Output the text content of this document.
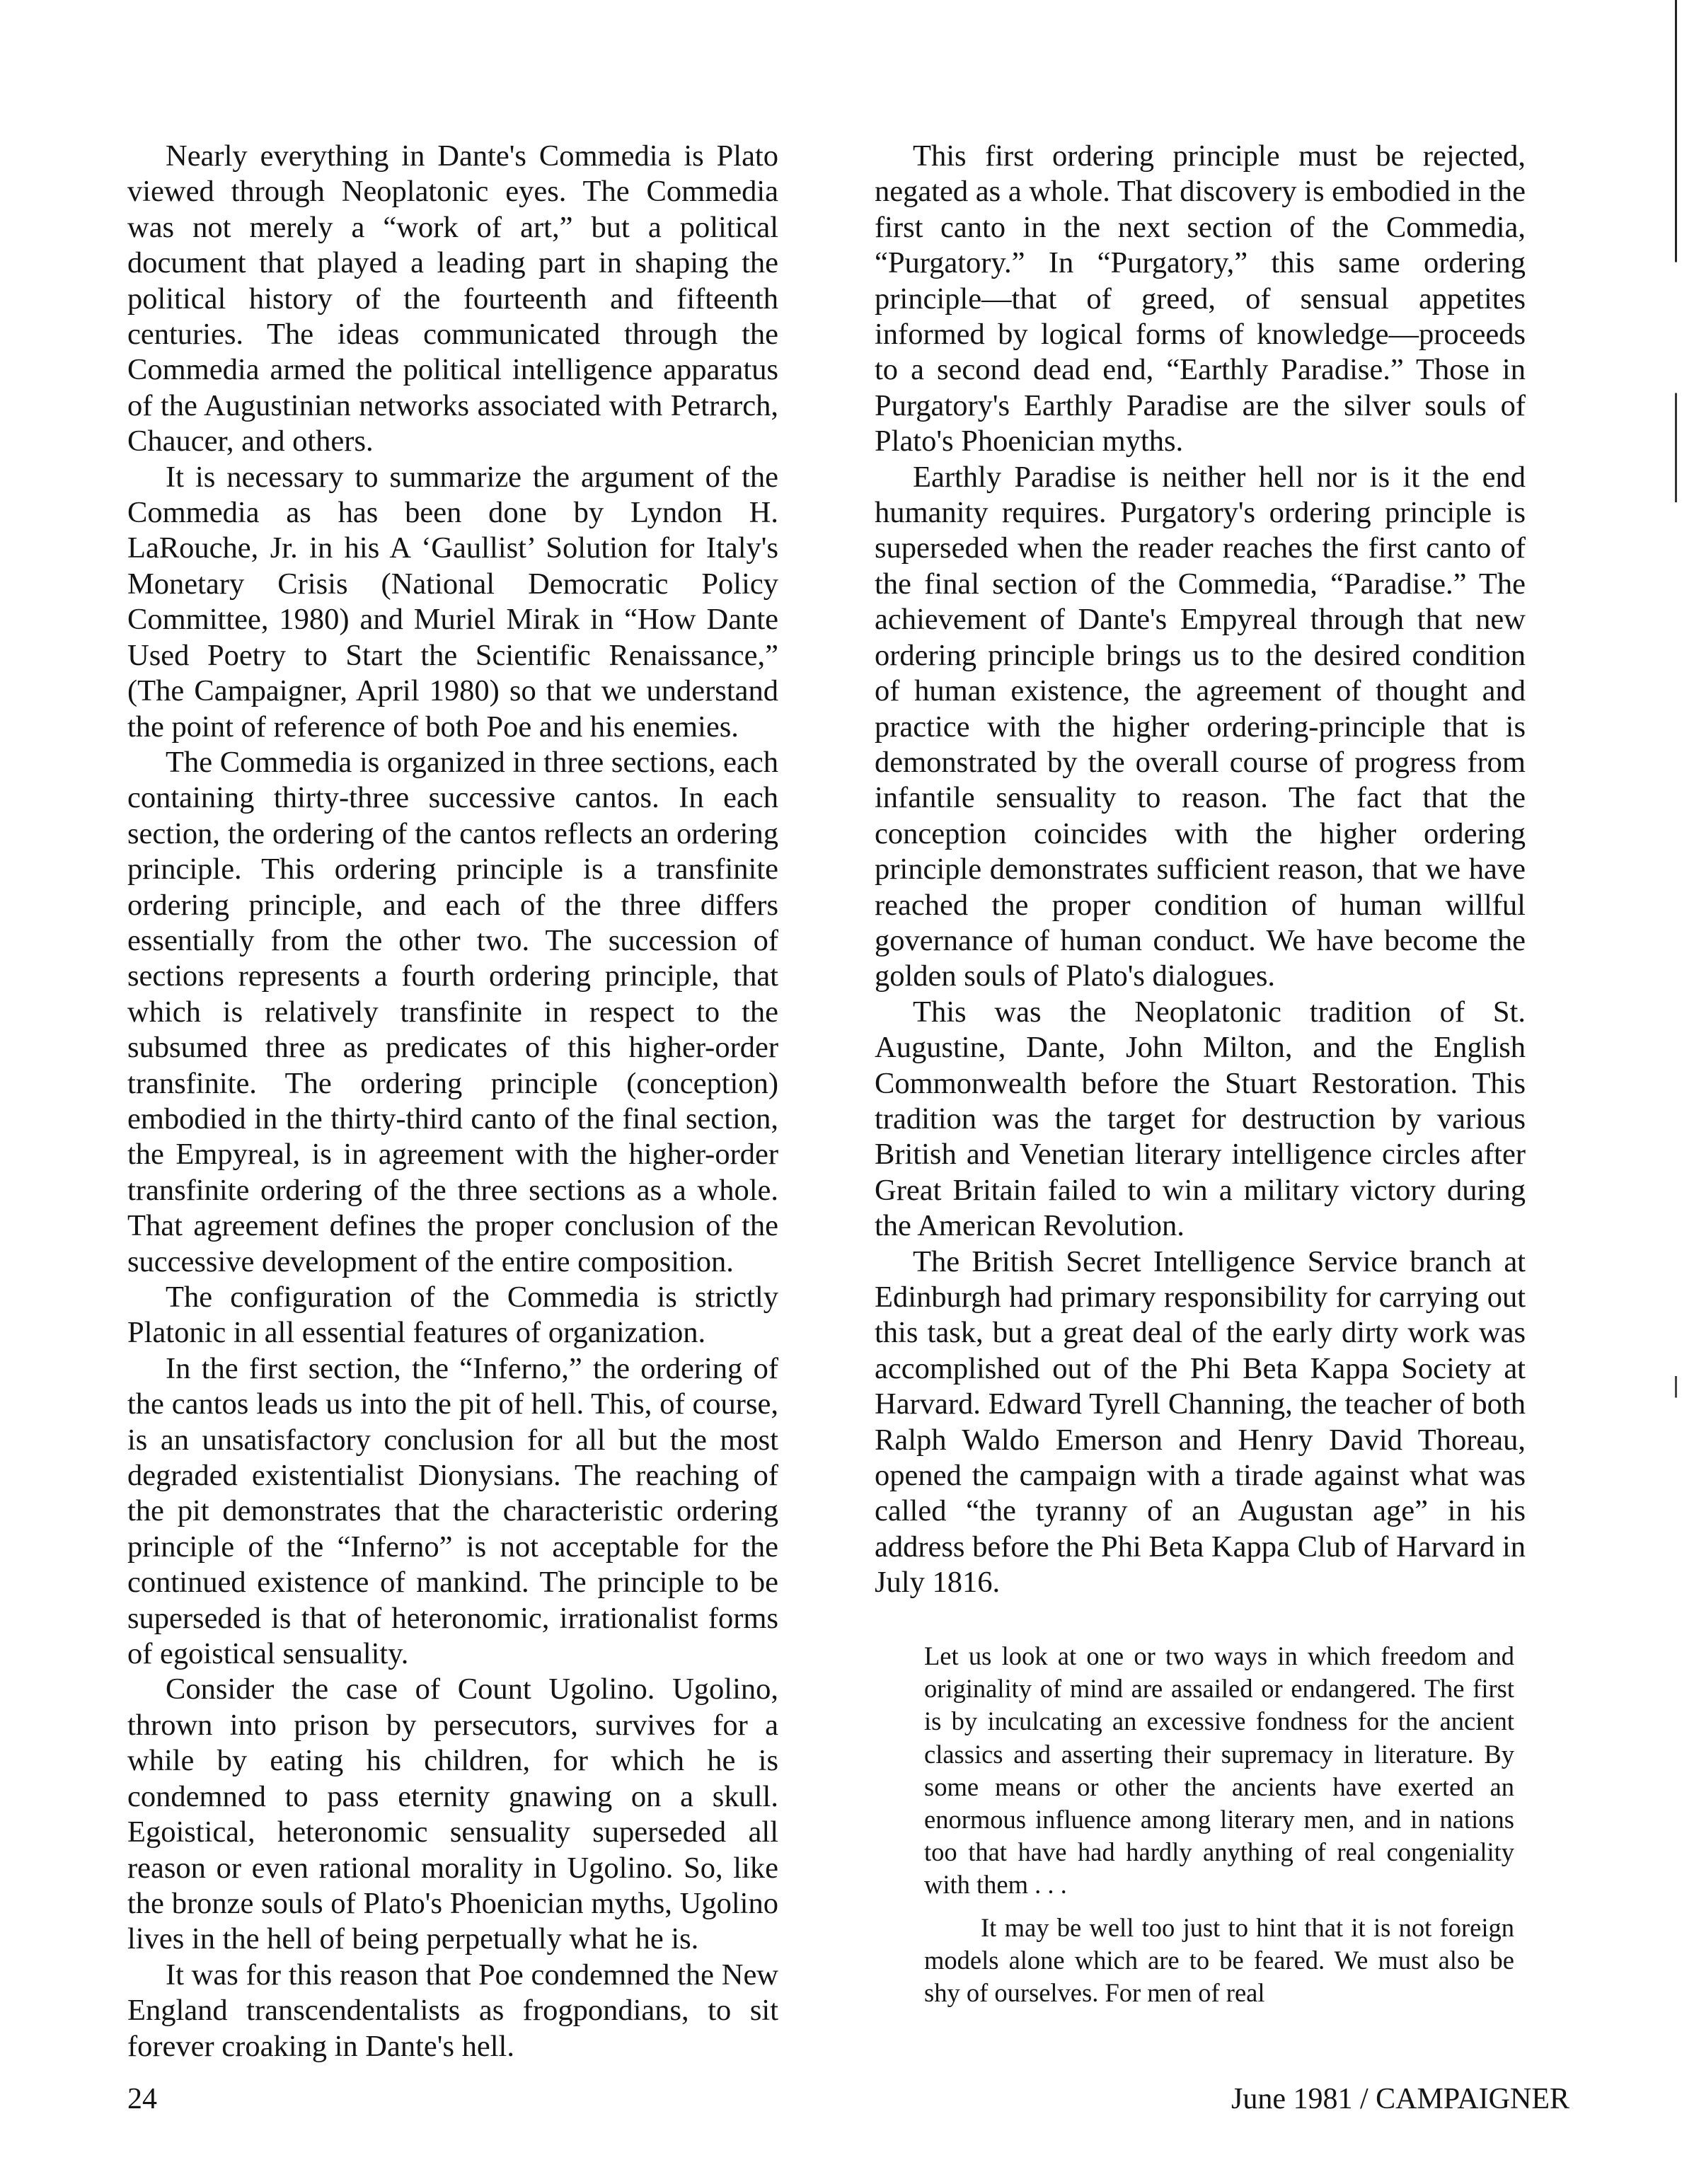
Nearly everything in Dante's Commedia is Plato viewed through Neoplatonic eyes. The Commedia was not merely a “work of art,” but a political document that played a leading part in shaping the political history of the fourteenth and fifteenth centuries. The ideas communicated through the Commedia armed the political intelligence apparatus of the Augustinian networks associated with Petrarch, Chaucer, and others.

It is necessary to summarize the argument of the Commedia as has been done by Lyndon H. LaRouche, Jr. in his A ‘Gaullist’ Solution for Italy's Monetary Crisis (National Democratic Policy Committee, 1980) and Muriel Mirak in “How Dante Used Poetry to Start the Scientific Renaissance,” (The Campaigner, April 1980) so that we understand the point of reference of both Poe and his enemies.

The Commedia is organized in three sections, each containing thirty-three successive cantos. In each section, the ordering of the cantos reflects an ordering principle. This ordering principle is a transfinite ordering principle, and each of the three differs essentially from the other two. The succession of sections represents a fourth ordering principle, that which is relatively transfinite in respect to the subsumed three as predicates of this higher-order transfinite. The ordering principle (conception) embodied in the thirty-third canto of the final section, the Empyreal, is in agreement with the higher-order transfinite ordering of the three sections as a whole. That agreement defines the proper conclusion of the successive development of the entire composition.

The configuration of the Commedia is strictly Platonic in all essential features of organization.

In the first section, the “Inferno,” the ordering of the cantos leads us into the pit of hell. This, of course, is an unsatisfactory conclusion for all but the most degraded existentialist Dionysians. The reaching of the pit demonstrates that the characteristic ordering principle of the “Inferno” is not acceptable for the continued existence of mankind. The principle to be superseded is that of heteronomic, irrationalist forms of egoistical sensuality.

Consider the case of Count Ugolino. Ugolino, thrown into prison by persecutors, survives for a while by eating his children, for which he is condemned to pass eternity gnawing on a skull. Egoistical, heteronomic sensuality superseded all reason or even rational morality in Ugolino. So, like the bronze souls of Plato's Phoenician myths, Ugolino lives in the hell of being perpetually what he is.

It was for this reason that Poe condemned the New England transcendentalists as frogpondians, to sit forever croaking in Dante's hell.

This first ordering principle must be rejected, negated as a whole. That discovery is embodied in the first canto in the next section of the Commedia, “Purgatory.” In “Purgatory,” this same ordering principle—that of greed, of sensual appetites informed by logical forms of knowledge—proceeds to a second dead end, “Earthly Paradise.” Those in Purgatory's Earthly Paradise are the silver souls of Plato's Phoenician myths.

Earthly Paradise is neither hell nor is it the end humanity requires. Purgatory's ordering principle is superseded when the reader reaches the first canto of the final section of the Commedia, “Paradise.” The achievement of Dante's Empyreal through that new ordering principle brings us to the desired condition of human existence, the agreement of thought and practice with the higher ordering-principle that is demonstrated by the overall course of progress from infantile sensuality to reason. The fact that the conception coincides with the higher ordering principle demonstrates sufficient reason, that we have reached the proper condition of human willful governance of human conduct. We have become the golden souls of Plato's dialogues.

This was the Neoplatonic tradition of St. Augustine, Dante, John Milton, and the English Commonwealth before the Stuart Restoration. This tradition was the target for destruction by various British and Venetian literary intelligence circles after Great Britain failed to win a military victory during the American Revolution.

The British Secret Intelligence Service branch at Edinburgh had primary responsibility for carrying out this task, but a great deal of the early dirty work was accomplished out of the Phi Beta Kappa Society at Harvard. Edward Tyrell Channing, the teacher of both Ralph Waldo Emerson and Henry David Thoreau, opened the campaign with a tirade against what was called “the tyranny of an Augustan age” in his address before the Phi Beta Kappa Club of Harvard in July 1816.

Let us look at one or two ways in which freedom and originality of mind are assailed or endangered. The first is by inculcating an excessive fondness for the ancient classics and asserting their supremacy in literature. By some means or other the ancients have exerted an enormous influence among literary men, and in nations too that have had hardly anything of real congeniality with them . . .

It may be well too just to hint that it is not foreign models alone which are to be feared. We must also be shy of ourselves. For men of real

24	June 1981 / CAMPAIGNER
